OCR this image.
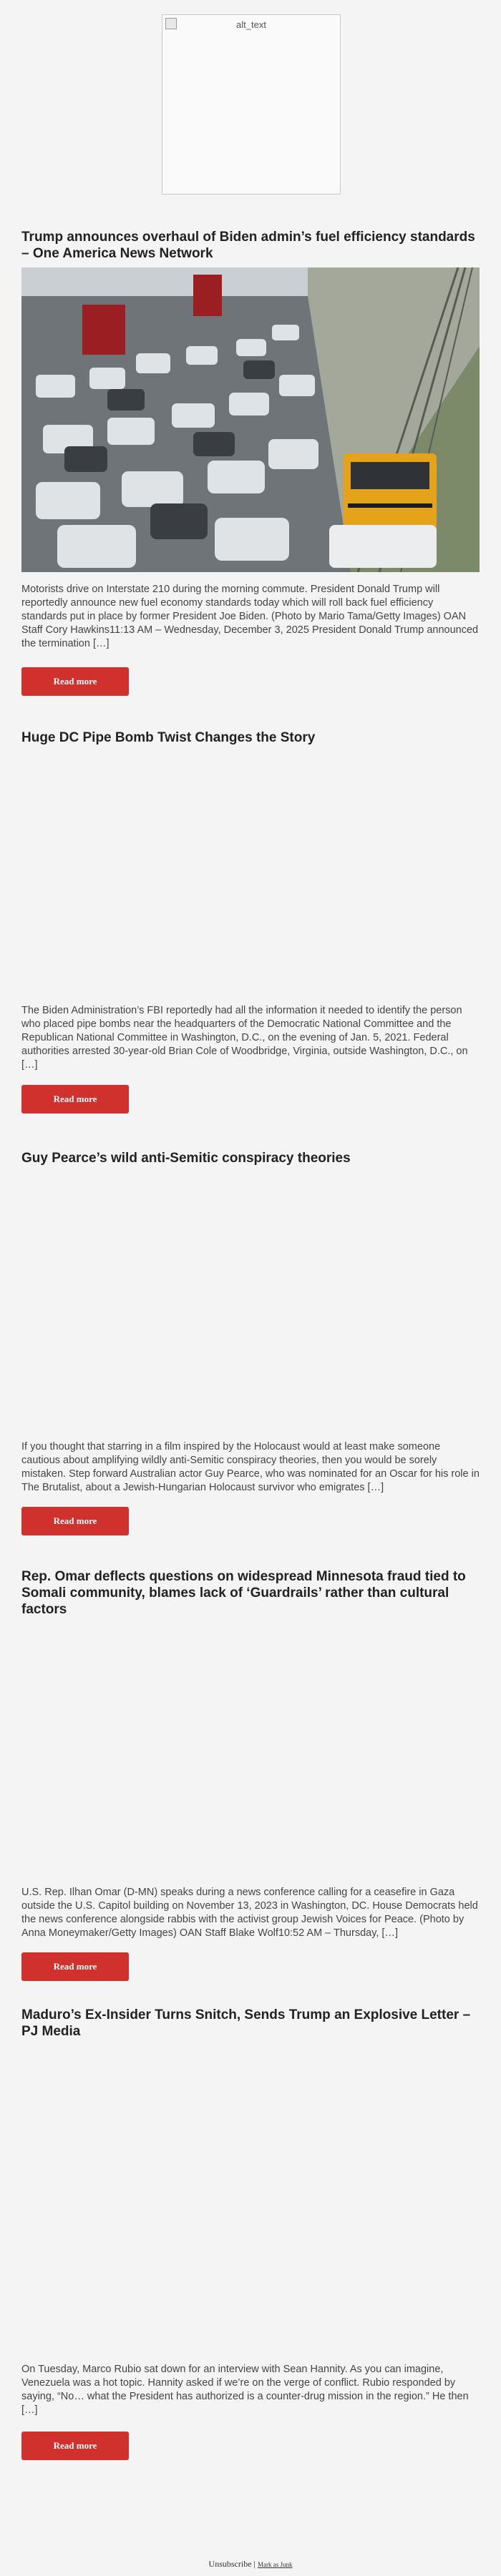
alt_text
Trump announces overhaul of Biden admin’s fuel efficiency standards – One America News Network
Motorists drive on Interstate 210 during the morning commute. President Donald Trump will reportedly announce new fuel economy standards today which will roll back fuel efficiency standards put in place by former President Joe Biden. (Photo by Mario Tama/Getty Images) OAN Staff Cory Hawkins11:13 AM – Wednesday, December 3, 2025 President Donald Trump announced the termination […]
Read more
Huge DC Pipe Bomb Twist Changes the Story
The Biden Administration’s FBI reportedly had all the information it needed to identify the person who placed pipe bombs near the headquarters of the Democratic National Committee and the Republican National Committee in Washington, D.C., on the evening of Jan. 5, 2021. Federal authorities arrested 30-year-old Brian Cole of Woodbridge, Virginia, outside Washington, D.C., on […]
Read more
Guy Pearce’s wild anti-Semitic conspiracy theories
If you thought that starring in a film inspired by the Holocaust would at least make someone cautious about amplifying wildly anti-Semitic conspiracy theories, then you would be sorely mistaken. Step forward Australian actor Guy Pearce, who was nominated for an Oscar for his role in The Brutalist, about a Jewish-Hungarian Holocaust survivor who emigrates […]
Read more
Rep. Omar deflects questions on widespread Minnesota fraud tied to Somali community, blames lack of ‘Guardrails’ rather than cultural factors
U.S. Rep. Ilhan Omar (D-MN) speaks during a news conference calling for a ceasefire in Gaza outside the U.S. Capitol building on November 13, 2023 in Washington, DC. House Democrats held the news conference alongside rabbis with the activist group Jewish Voices for Peace. (Photo by Anna Moneymaker/Getty Images) OAN Staff Blake Wolf10:52 AM – Thursday, […]
Read more
Maduro’s Ex-Insider Turns Snitch, Sends Trump an Explosive Letter – PJ Media
On Tuesday, Marco Rubio sat down for an interview with Sean Hannity. As you can imagine, Venezuela was a hot topic. Hannity asked if we’re on the verge of conflict. Rubio responded by saying, “No… what the President has authorized is a counter-drug mission in the region.” He then […]
Read more
Unsubscribe | Mark as Junk
